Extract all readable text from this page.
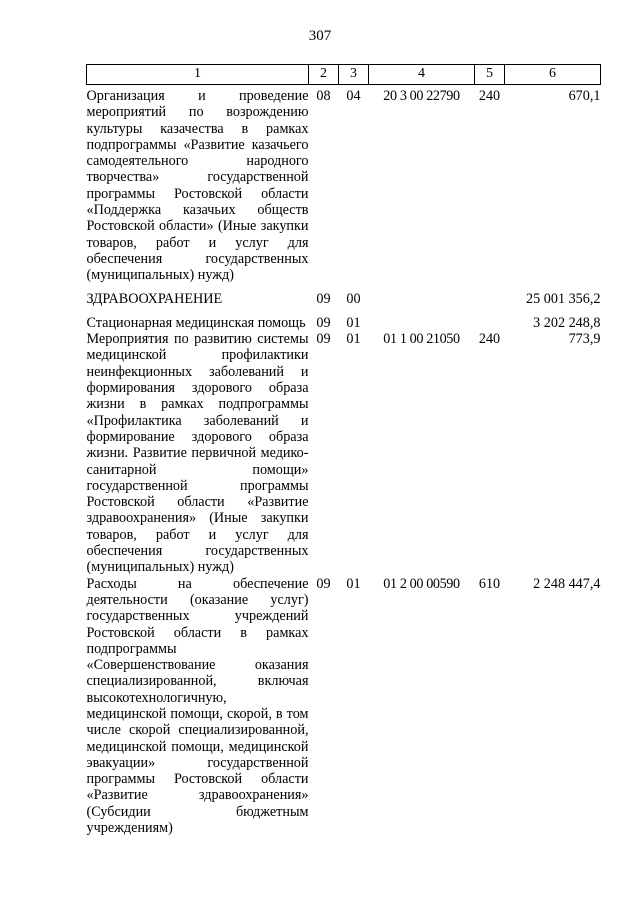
307
1	2	3	4	5	6
Организация и проведение мероприятий по возрождению культуры казачества в рамках подпрограммы «Развитие казачьего самодеятельного народного творчества» государственной программы Ростовской области «Поддержка казачьих обществ Ростовской области» (Иные закупки товаров, работ и услуг для обеспечения государственных (муниципальных) нужд)	08	04	20 3 00 22790	240	670,1
ЗДРАВООХРАНЕНИЕ	09	00			25 001 356,2
Стационарная медицинская помощь	09	01			3 202 248,8
Мероприятия по развитию системы медицинской профилактики неинфекционных заболеваний и формирования здорового образа жизни в рамках подпрограммы «Профилактика заболеваний и формирование здорового образа жизни. Развитие первичной медико-санитарной помощи» государственной программы Ростовской области «Развитие здравоохранения» (Иные закупки товаров, работ и услуг для обеспечения государственных (муниципальных) нужд)	09	01	01 1 00 21050	240	773,9
Расходы на обеспечение деятельности (оказание услуг) государственных учреждений Ростовской области в рамках подпрограммы «Совершенствование оказания специализированной, включая высокотехнологичную, медицинской помощи, скорой, в том числе скорой специализированной, медицинской помощи, медицинской эвакуации» государственной программы Ростовской области «Развитие здравоохранения» (Субсидии бюджетным учреждениям)	09	01	01 2 00 00590	610	2 248 447,4
